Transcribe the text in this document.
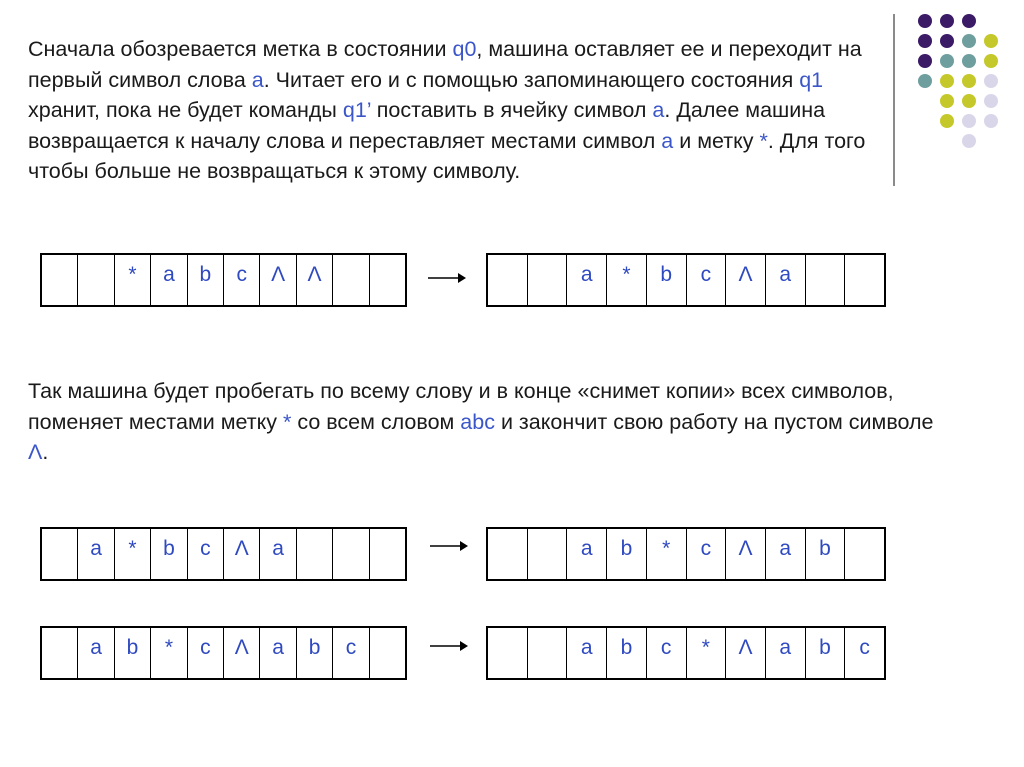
Сначала обозревается метка в состоянии q0, машина оставляет ее и переходит на первый символ слова a. Читает его и с помощью запоминающего состояния q1 хранит, пока не будет команды q1’ поставить в ячейку символ a. Далее машина возвращается к началу слова и переставляет местами символ a и метку *. Для того чтобы больше не возвращаться к этому символу.

Так машина будет пробегать по всему слову и в конце «снимет копии» всех символов, поменяет местами метку * со всем словом abc и закончит свою работу на пустом символе Λ.

*	a	b	c	Λ	Λ	a	*	b	c	Λ	a
a	*	b	c	Λ	a	a	b	*	c	Λ	a	b
a	b	*	c	Λ	a	b	c	a	b	c	*	Λ	a	b	c
